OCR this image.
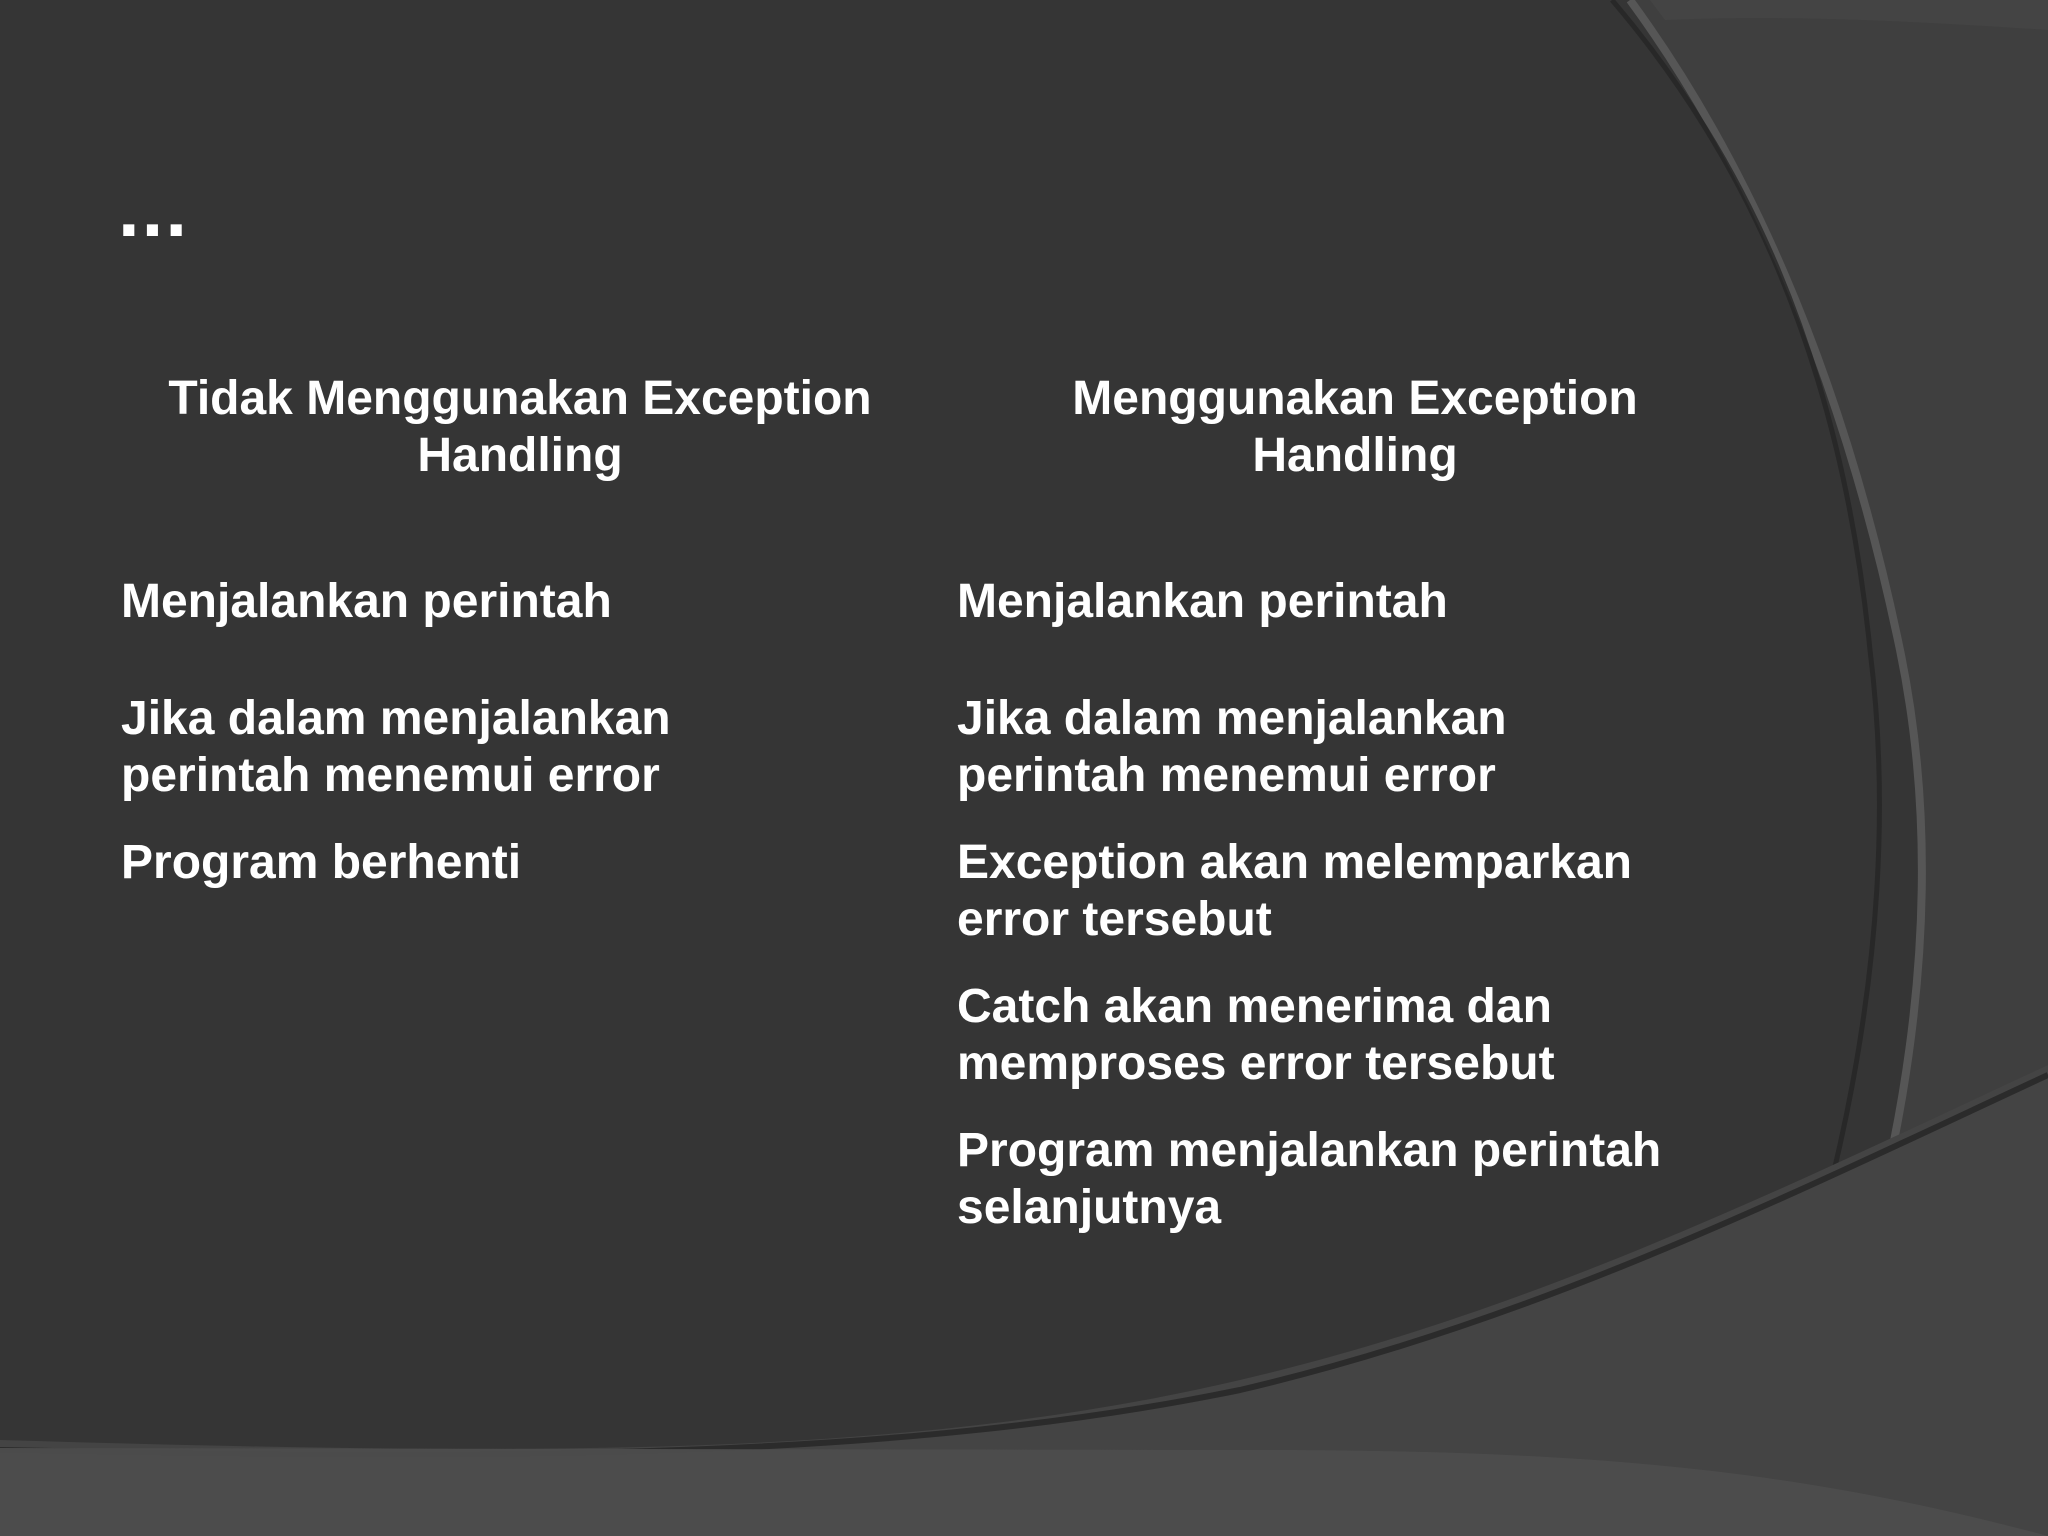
...
Tidak Menggunakan Exception
Handling
Menggunakan Exception
Handling
Menjalankan perintah
Jika dalam menjalankan
perintah menemui error
Program berhenti
Menjalankan perintah
Jika dalam menjalankan
perintah menemui error
Exception akan melemparkan
error tersebut
Catch akan menerima dan
memproses error tersebut
Program menjalankan perintah
selanjutnya
